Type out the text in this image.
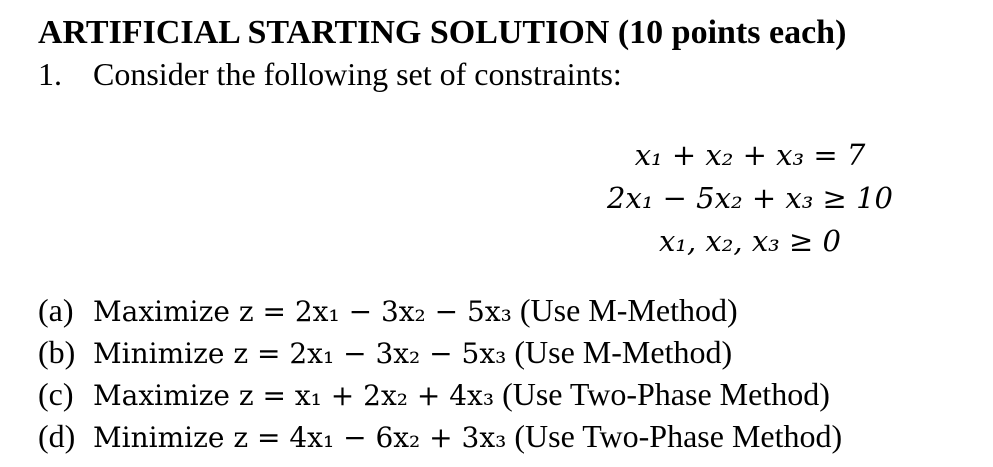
ARTIFICIAL STARTING SOLUTION (10 points each)
1. Consider the following set of constraints:
x₁ + x₂ + x₃ = 7
2x₁ − 5x₂ + x₃ ≥ 10
x₁, x₂, x₃ ≥ 0
(a) Maximize z = 2x₁ − 3x₂ − 5x₃ (Use M-Method)
(b) Minimize z = 2x₁ − 3x₂ − 5x₃ (Use M-Method)
(c) Maximize z = x₁ + 2x₂ + 4x₃ (Use Two-Phase Method)
(d) Minimize z = 4x₁ − 6x₂ + 3x₃ (Use Two-Phase Method)
